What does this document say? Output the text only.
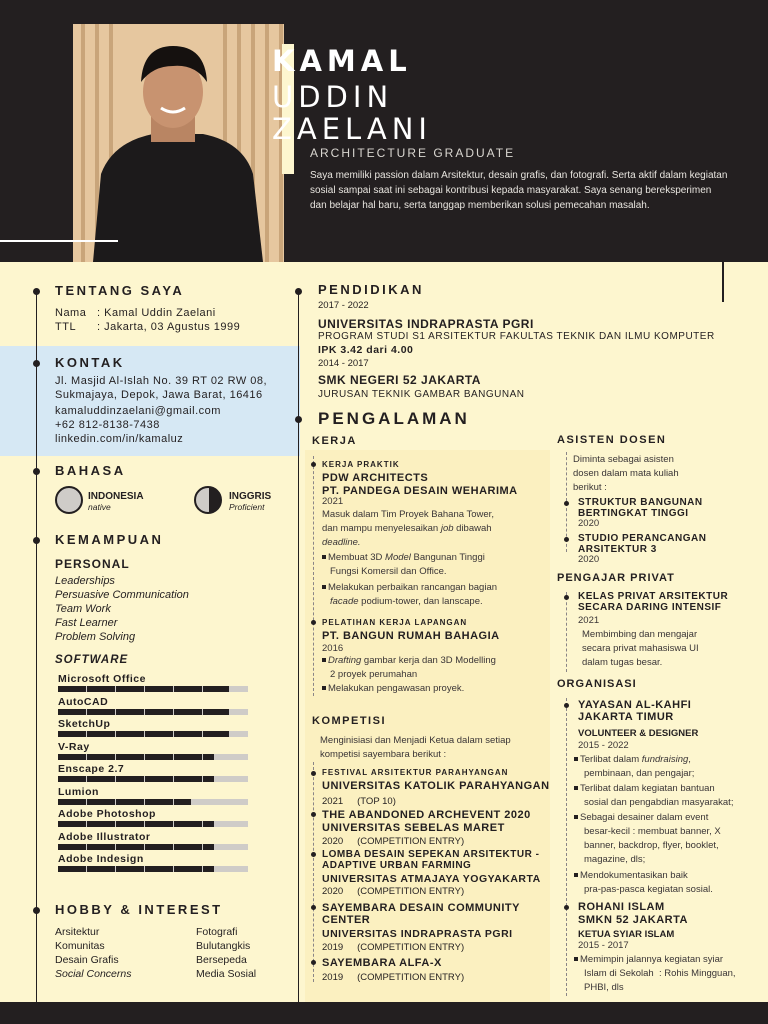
KAMAL
UDDIN
ZAELANI
ARCHITECTURE GRADUATE
Saya memiliki passion dalam Arsitektur, desain grafis, dan fotografi. Serta aktif dalam kegiatan sosial sampai saat ini sebagai kontribusi kepada masyarakat. Saya senang bereksperimen dan belajar hal baru, serta tanggap memberikan solusi pemecahan masalah.
TENTANG SAYA
Nama   : Kamal Uddin Zaelani
TTL      : Jakarta, 03 Agustus 1999
KONTAK
Jl. Masjid Al-Islah No. 39 RT 02 RW 08,
Sukmajaya, Depok, Jawa Barat, 16416
kamaluddinzaelani@gmail.com
+62 812-8138-7438
linkedin.com/in/kamaluz
BAHASA
INDONESIA
native
INGGRIS
Proficient
KEMAMPUAN
PERSONAL
Leaderships
Persuasive Communication
Team Work
Fast Learner
Problem Solving
SOFTWARE
Microsoft Office
AutoCAD
SketchUp
V-Ray
Enscape 2.7
Lumion
Adobe Photoshop
Adobe Illustrator
Adobe Indesign
HOBBY & INTEREST
Arsitektur
Komunitas
Desain Grafis
Social Concerns
Fotografi
Bulutangkis
Bersepeda
Media Sosial
PENDIDIKAN
2017 - 2022
UNIVERSITAS INDRAPRASTA PGRI
PROGRAM STUDI S1 ARSITEKTUR FAKULTAS TEKNIK DAN ILMU KOMPUTER
IPK 3.42 dari 4.00
2014 - 2017
SMK NEGERI 52 JAKARTA
JURUSAN TEKNIK GAMBAR BANGUNAN
PENGALAMAN
KERJA
KERJA PRAKTIK
PDW ARCHITECTS
PT. PANDEGA DESAIN WEHARIMA
2021
Masuk dalam Tim Proyek Bahana Tower,
dan mampu menyelesaikan job dibawah
deadline.
Membuat 3D Model Bangunan Tinggi
Fungsi Komersil dan Office.
Melakukan perbaikan rancangan bagian
facade podium-tower, dan lanscape.
PELATIHAN KERJA LAPANGAN
PT. BANGUN RUMAH BAHAGIA
2016
Drafting gambar kerja dan 3D Modelling
2 proyek perumahan
Melakukan pengawasan proyek.
KOMPETISI
Menginisiasi dan Menjadi Ketua dalam setiap
kompetisi sayembara berikut :
FESTIVAL ARSITEKTUR PARAHYANGAN
UNIVERSITAS KATOLIK PARAHYANGAN
2021 (TOP 10)
THE ABANDONED ARCHEVENT 2020
UNIVERSITAS SEBELAS MARET
2020 (COMPETITION ENTRY)
LOMBA DESAIN SEPEKAN ARSITEKTUR -
ADAPTIVE URBAN FARMING
UNIVERSITAS ATMAJAYA YOGYAKARTA
2020 (COMPETITION ENTRY)
SAYEMBARA DESAIN COMMUNITY
CENTER
UNIVERSITAS INDRAPRASTA PGRI
2019 (COMPETITION ENTRY)
SAYEMBARA ALFA-X
2019 (COMPETITION ENTRY)
ASISTEN DOSEN
Diminta sebagai asisten
dosen dalam mata kuliah
berikut :
STRUKTUR BANGUNAN
BERTINGKAT TINGGI
2020
STUDIO PERANCANGAN
ARSITEKTUR 3
2020
PENGAJAR PRIVAT
KELAS PRIVAT ARSITEKTUR
SECARA DARING INTENSIF
2021
Membimbing dan mengajar
secara privat mahasiswa UI
dalam tugas besar.
ORGANISASI
YAYASAN AL-KAHFI
JAKARTA TIMUR
VOLUNTEER & DESIGNER
2015 - 2022
Terlibat dalam fundraising,
pembinaan, dan pengajar;
Terlibat dalam kegiatan bantuan
sosial dan pengabdian masyarakat;
Sebagai desainer dalam event
besar-kecil : membuat banner, X
banner, backdrop, flyer, booklet,
magazine, dls;
Mendokumentasikan baik
pra-pas-pasca kegiatan sosial.
ROHANI ISLAM
SMKN 52 JAKARTA
KETUA SYIAR ISLAM
2015 - 2017
Memimpin jalannya kegiatan syiar
Islam di Sekolah  : Rohis Mingguan,
PHBI, dls
